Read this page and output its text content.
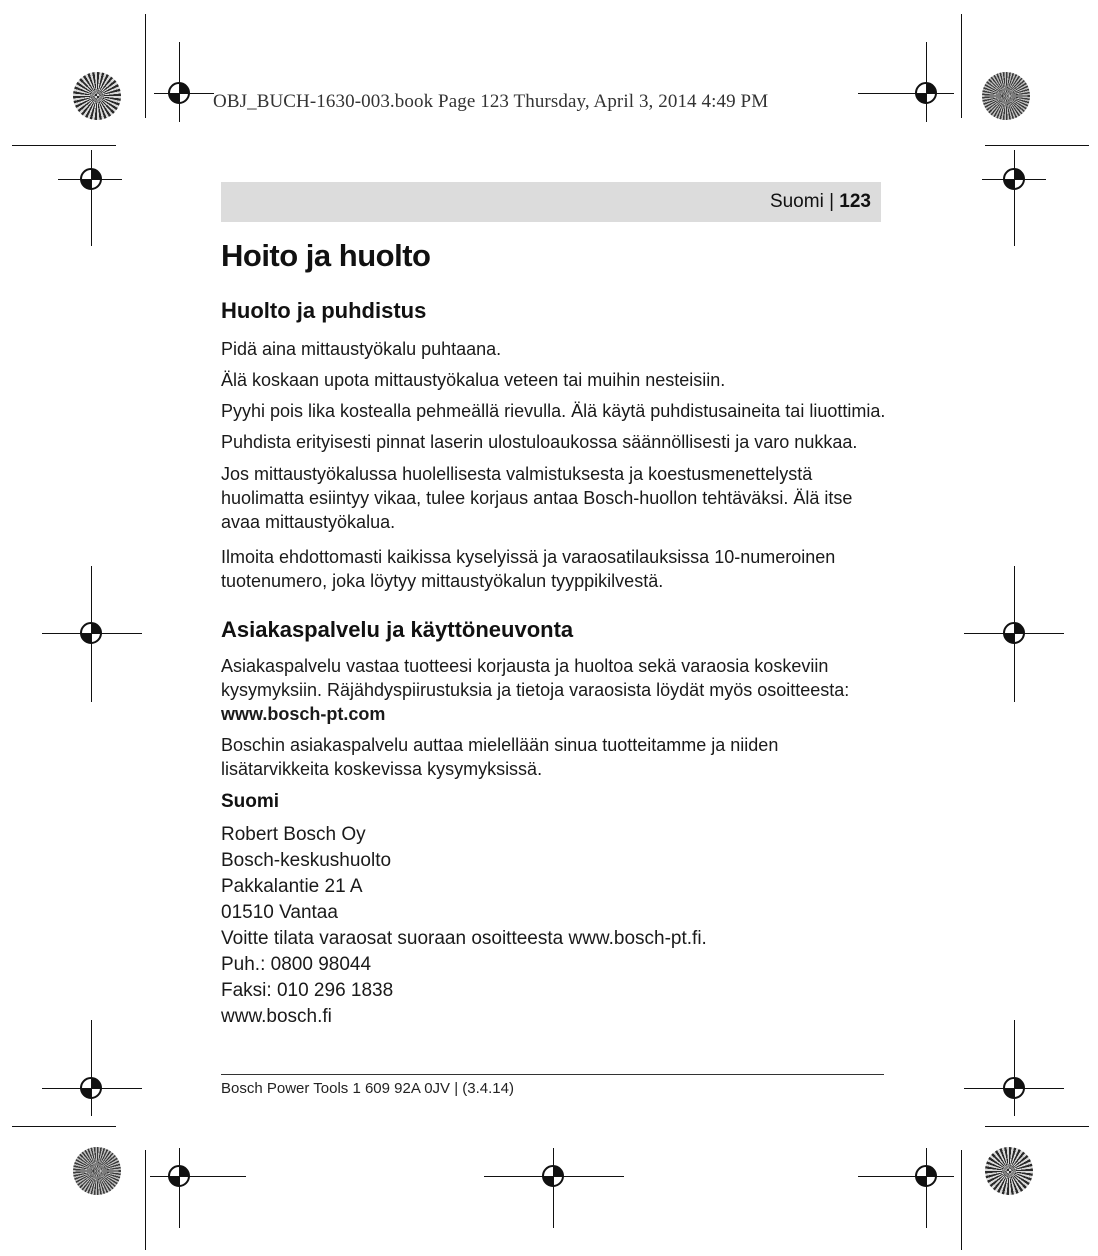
OBJ_BUCH-1630-003.book Page 123 Thursday, April 3, 2014 4:49 PM
Suomi | 123
Hoito ja huolto
Huolto ja puhdistus
Pidä aina mittaustyökalu puhtaana.
Älä koskaan upota mittaustyökalua veteen tai muihin nesteisiin.
Pyyhi pois lika kostealla pehmeällä rievulla. Älä käytä puhdistusaineita tai liuottimia.
Puhdista erityisesti pinnat laserin ulostuloaukossa säännöllisesti ja varo nukkaa.
Jos mittaustyökalussa huolellisesta valmistuksesta ja koestusmenettelystä huolimatta esiintyy vikaa, tulee korjaus antaa Bosch-huollon tehtäväksi. Älä itse avaa mittaustyökalua.
Ilmoita ehdottomasti kaikissa kyselyissä ja varaosatilauksissa 10-numeroinen tuotenumero, joka löytyy mittaustyökalun tyyppikilvestä.
Asiakaspalvelu ja käyttöneuvonta
Asiakaspalvelu vastaa tuotteesi korjausta ja huoltoa sekä varaosia koskeviin kysymyksiin. Räjähdyspiirustuksia ja tietoja varaosista löydät myös osoitteesta:
www.bosch-pt.com
Boschin asiakaspalvelu auttaa mielellään sinua tuotteitamme ja niiden lisätarvikkeita koskevissa kysymyksissä.
Suomi
Robert Bosch Oy
Bosch-keskushuolto
Pakkalantie 21 A
01510 Vantaa
Voitte tilata varaosat suoraan osoitteesta www.bosch-pt.fi.
Puh.: 0800 98044
Faksi: 010 296 1838
www.bosch.fi
Bosch Power Tools 1 609 92A 0JV | (3.4.14)
